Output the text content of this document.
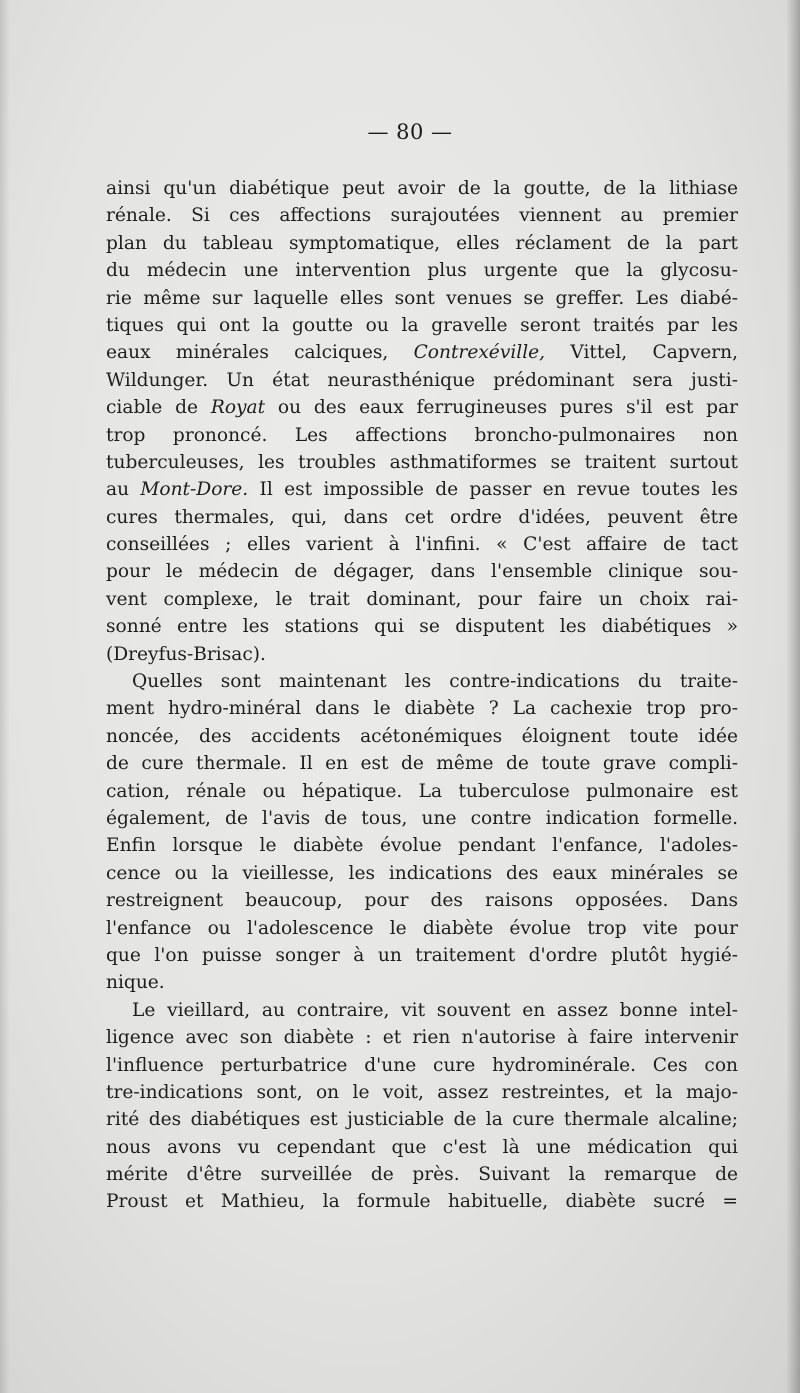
— 80 —
ainsi qu'un diabétique peut avoir de la goutte, de la lithiase
rénale. Si ces affections surajoutées viennent au premier
plan du tableau symptomatique, elles réclament de la part
du médecin une intervention plus urgente que la glycosu-
rie même sur laquelle elles sont venues se greffer. Les diabé-
tiques qui ont la goutte ou la gravelle seront traités par les
eaux minérales calciques, Contrexéville, Vittel, Capvern,
Wildunger. Un état neurasthénique prédominant sera justi-
ciable de Royat ou des eaux ferrugineuses pures s'il est par
trop prononcé. Les affections broncho-pulmonaires non
tuberculeuses, les troubles asthmatiformes se traitent surtout
au Mont-Dore. Il est impossible de passer en revue toutes les
cures thermales, qui, dans cet ordre d'idées, peuvent être
conseillées ; elles varient à l'infini. « C'est affaire de tact
pour le médecin de dégager, dans l'ensemble clinique sou-
vent complexe, le trait dominant, pour faire un choix rai-
sonné entre les stations qui se disputent les diabétiques »
(Dreyfus-Brisac).
Quelles sont maintenant les contre-indications du traite-
ment hydro-minéral dans le diabète ? La cachexie trop pro-
noncée, des accidents acétonémiques éloignent toute idée
de cure thermale. Il en est de même de toute grave compli-
cation, rénale ou hépatique. La tuberculose pulmonaire est
également, de l'avis de tous, une contre indication formelle.
Enfin lorsque le diabète évolue pendant l'enfance, l'adoles-
cence ou la vieillesse, les indications des eaux minérales se
restreignent beaucoup, pour des raisons opposées. Dans
l'enfance ou l'adolescence le diabète évolue trop vite pour
que l'on puisse songer à un traitement d'ordre plutôt hygié-
nique.
Le vieillard, au contraire, vit souvent en assez bonne intel-
ligence avec son diabète : et rien n'autorise à faire intervenir
l'influence perturbatrice d'une cure hydrominérale. Ces con
tre-indications sont, on le voit, assez restreintes, et la majo-
rité des diabétiques est justiciable de la cure thermale alcaline;
nous avons vu cependant que c'est là une médication qui
mérite d'être surveillée de près. Suivant la remarque de
Proust et Mathieu, la formule habituelle, diabète sucré =
